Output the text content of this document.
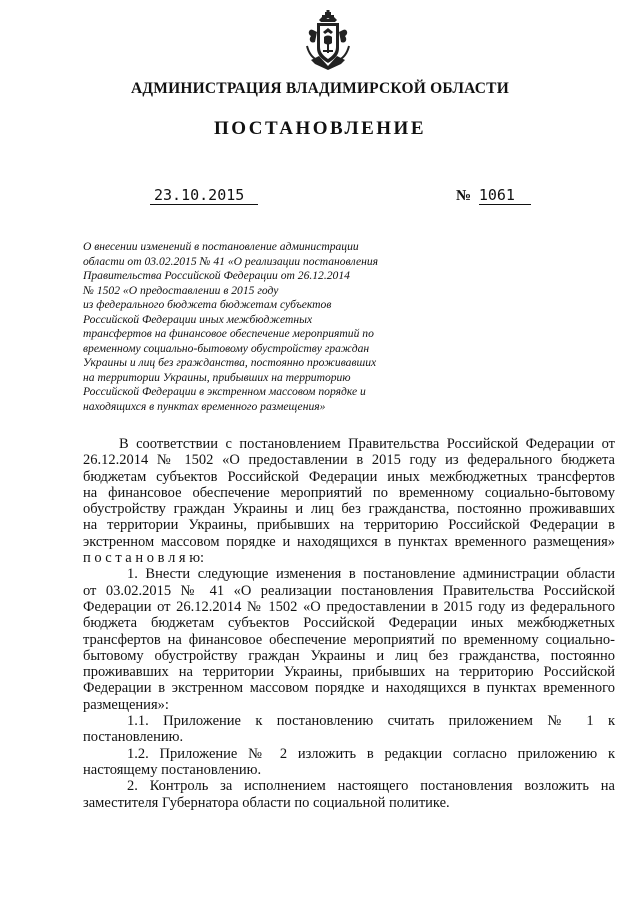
АДМИНИСТРАЦИЯ ВЛАДИМИРСКОЙ ОБЛАСТИ
ПОСТАНОВЛЕНИЕ
23.10.2015	№ 1061
О внесении изменений в постановление администрации
области от 03.02.2015 № 41 «О реализации постановления
Правительства Российской Федерации от 26.12.2014
№ 1502 «О предоставлении в 2015 году
из федерального бюджета бюджетам субъектов
Российской Федерации иных межбюджетных
трансфертов на финансовое обеспечение мероприятий по
временному социально-бытовому обустройству граждан
Украины и лиц без гражданства, постоянно проживавших
на территории Украины, прибывших на территорию
Российской Федерации в экстренном массовом порядке и
находящихся в пунктах временного размещения»
В соответствии с постановлением Правительства Российской Федерации от
26.12.2014 № 1502 «О предоставлении в 2015 году из федерального бюджета
бюджетам субъектов Российской Федерации иных межбюджетных трансфертов
на финансовое обеспечение мероприятий по временному социально-бытовому
обустройству граждан Украины и лиц без гражданства, постоянно проживавших
на территории Украины, прибывших на территорию Российской Федерации в
экстренном массовом порядке и находящихся в пунктах временного размещения»
п о с т а н о в л я ю:
1. Внести следующие изменения в постановление администрации области
от 03.02.2015 № 41 «О реализации постановления Правительства Российской
Федерации от 26.12.2014 № 1502 «О предоставлении в 2015 году из федерального
бюджета бюджетам субъектов Российской Федерации иных межбюджетных
трансфертов на финансовое обеспечение мероприятий по временному социально-
бытовому обустройству граждан Украины и лиц без гражданства, постоянно
проживавших на территории Украины, прибывших на территорию Российской
Федерации в экстренном массовом порядке и находящихся в пунктах временного
размещения»:
1.1. Приложение к постановлению считать приложением № 1 к
постановлению.
1.2. Приложение № 2 изложить в редакции согласно приложению к
настоящему постановлению.
2. Контроль за исполнением настоящего постановления возложить на
заместителя Губернатора области по социальной политике.
